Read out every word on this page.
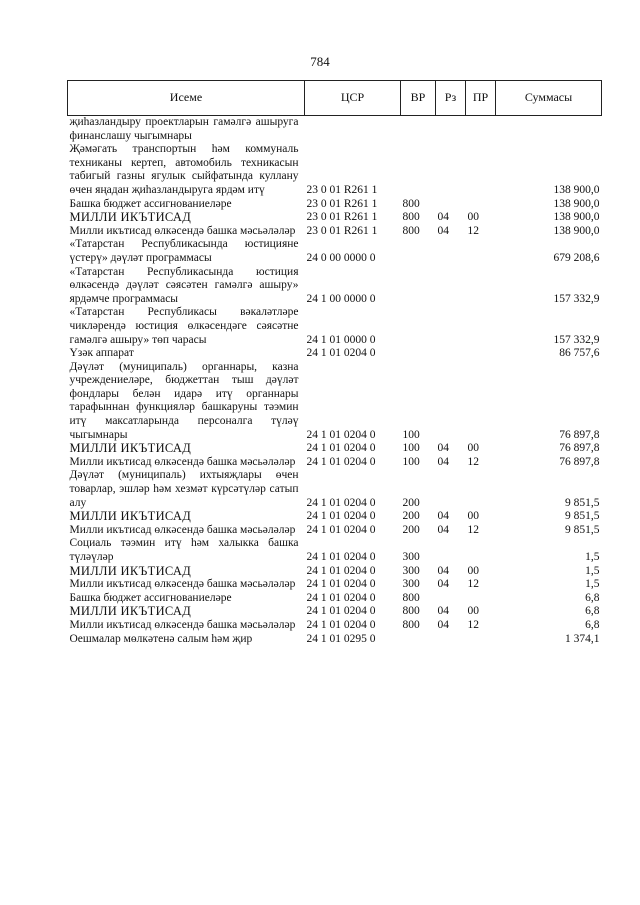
784
Исеме	ЦСР	ВР	Рз	ПР	Суммасы
җиһазландыру проектларын гамәлгә ашыруга финанслашу чыгымнары					
Җәмәгать транспортын һәм коммуналь техниканы кертеп, автомобиль техникасын табигый газны ягулык сыйфатында куллану өчен яңадан җиһазландыруга ярдәм итү	23 0 01 R261 1				138 900,0
Башка бюджет ассигнованиеләре	23 0 01 R261 1	800			138 900,0
МИЛЛИ ИКЪТИСАД	23 0 01 R261 1	800	04	00	138 900,0
Милли икътисад өлкәсендә башка мәсьәләләр	23 0 01 R261 1	800	04	12	138 900,0
«Татарстан Республикасында юстицияне үстерү» дәүләт программасы	24 0 00 0000 0				679 208,6
«Татарстан Республикасында юстиция өлкәсендә дәүләт сәясәтен гамәлгә ашыру» ярдәмче программасы	24 1 00 0000 0				157 332,9
«Татарстан Республикасы вәкаләтләре чикләрендә юстиция өлкәсендәге сәясәтне гамәлгә ашыру» төп чарасы	24 1 01 0000 0				157 332,9
Үзәк аппарат	24 1 01 0204 0				86 757,6
Дәүләт (муниципаль) органнары, казна учреждениеләре, бюджеттан тыш дәүләт фондлары белән идарә итү органнары тарафыннан функцияләр башкаруны тәэмин итү максатларында персоналга түләү чыгымнары	24 1 01 0204 0	100			76 897,8
МИЛЛИ ИКЪТИСАД	24 1 01 0204 0	100	04	00	76 897,8
Милли икътисад өлкәсендә башка мәсьәләләр	24 1 01 0204 0	100	04	12	76 897,8
Дәүләт (муниципаль) ихтыяҗлары өчен товарлар, эшләр һәм хезмәт күрсәтүләр сатып алу	24 1 01 0204 0	200			9 851,5
МИЛЛИ ИКЪТИСАД	24 1 01 0204 0	200	04	00	9 851,5
Милли икътисад өлкәсендә башка мәсьәләләр	24 1 01 0204 0	200	04	12	9 851,5
Социаль тәэмин итү һәм халыкка башка түләүләр	24 1 01 0204 0	300			1,5
МИЛЛИ ИКЪТИСАД	24 1 01 0204 0	300	04	00	1,5
Милли икътисад өлкәсендә башка мәсьәләләр	24 1 01 0204 0	300	04	12	1,5
Башка бюджет ассигнованиеләре	24 1 01 0204 0	800			6,8
МИЛЛИ ИКЪТИСАД	24 1 01 0204 0	800	04	00	6,8
Милли икътисад өлкәсендә башка мәсьәләләр	24 1 01 0204 0	800	04	12	6,8
Оешмалар мөлкәтенә салым һәм җир	24 1 01 0295 0				1 374,1
